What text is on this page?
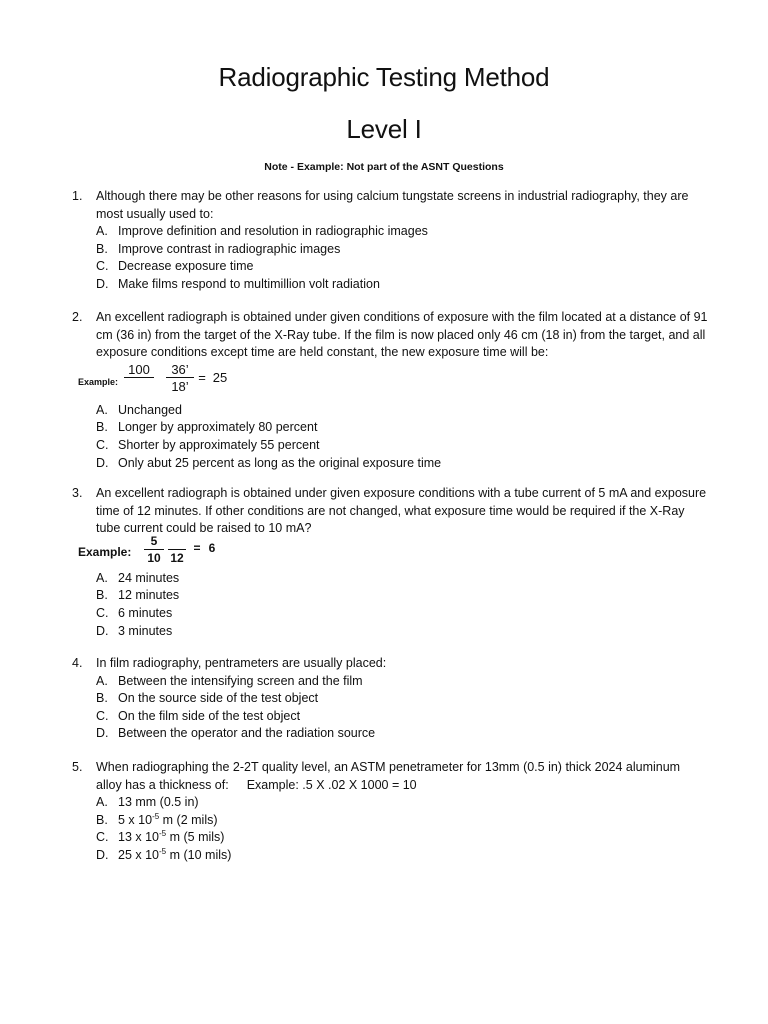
Radiographic Testing Method
Level I
Note - Example: Not part of the ASNT Questions
1.	Although there may be other reasons for using calcium tungstate screens in industrial radiography, they are most usually used to:
A. Improve definition and resolution in radiographic images
B. Improve contrast in radiographic images
C. Decrease exposure time
D. Make films respond to multimillion volt radiation
2.	An excellent radiograph is obtained under given conditions of exposure with the film located at a distance of 91 cm (36 in) from the target of the X-Ray tube. If the film is now placed only 46 cm (18 in) from the target, and all exposure conditions except time are held constant, the new exposure time will be:
Example:
100	36’
18’
= 25
A. Unchanged
B. Longer by approximately 80 percent
C. Shorter by approximately 55 percent
D. Only abut 25 percent as long as the original exposure time
3.	An excellent radiograph is obtained under given exposure conditions with a tube current of 5 mA and exposure time of 12 minutes. If other conditions are not changed, what exposure time would be required if the X-Ray tube current could be raised to 10 mA?
Example:
5
10 12
= 6
A. 24 minutes
B. 12 minutes
C. 6 minutes
D. 3 minutes
4.	In film radiography, pentrameters are usually placed:
A. Between the intensifying screen and the film
B. On the source side of the test object
C. On the film side of the test object
D. Between the operator and the radiation source
5.	When radiographing the 2-2T quality level, an ASTM penetrameter for 13mm (0.5 in) thick 2024 aluminum
alloy has a thickness of: Example: .5 X .02 X 1000 = 10
A. 13 mm (0.5 in)
B. 5 x $10^{-5}$ m (2 mils)
C. 13 x $10^{-5}$ m (5 mils)
D. 25 x $10^{-5}$ m (10 mils)
